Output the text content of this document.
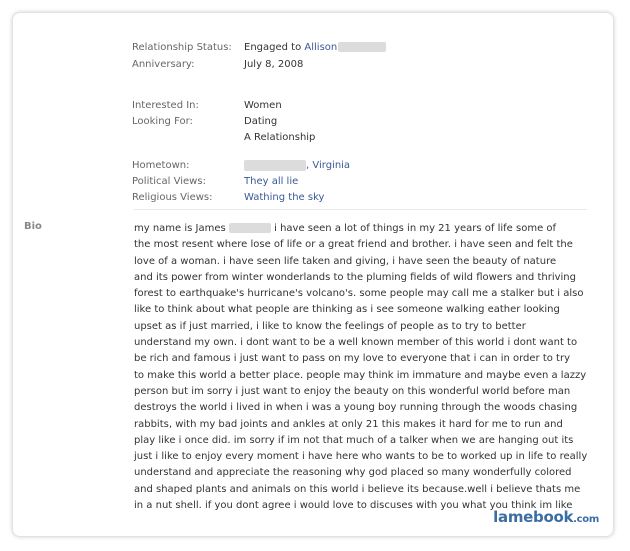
Relationship Status: Engaged to Allison
Anniversary:	July 8, 2008
Interested In:	Women
Looking For:	Dating
A Relationship
Hometown:	, Virginia
Political Views:	They all lie
Religious Views:	Wathing the sky
Bio	my name is James	i have seen a lot of things in my 21 years of life some of
the most resent where lose of life or a great friend and brother. i have seen and felt the
love of a woman. i have seen life taken and giving, i have seen the beauty of nature
and its power from winter wonderlands to the pluming fields of wild flowers and thriving
forest to earthquake's hurricane's volcano's. some people may call me a stalker but i also
like to think about what people are thinking as i see someone walking eather looking
upset as if just married, i like to know the feelings of people as to try to better
understand my own. i dont want to be a well known member of this world i dont want to
be rich and famous i just want to pass on my love to everyone that i can in order to try
to make this world a better place. people may think im immature and maybe even a lazzy
person but im sorry i just want to enjoy the beauty on this wonderful world before man
destroys the world i lived in when i was a young boy running through the woods chasing
rabbits, with my bad joints and ankles at only 21 this makes it hard for me to run and
play like i once did. im sorry if im not that much of a talker when we are hanging out its
just i like to enjoy every moment i have here who wants to be to worked up in life to really
understand and appreciate the reasoning why god placed so many wonderfully colored
and shaped plants and animals on this world i believe its because.well i believe thats me
in a nut shell. if you dont agree i would love to discuses with you what you think im like
lamebook.com
